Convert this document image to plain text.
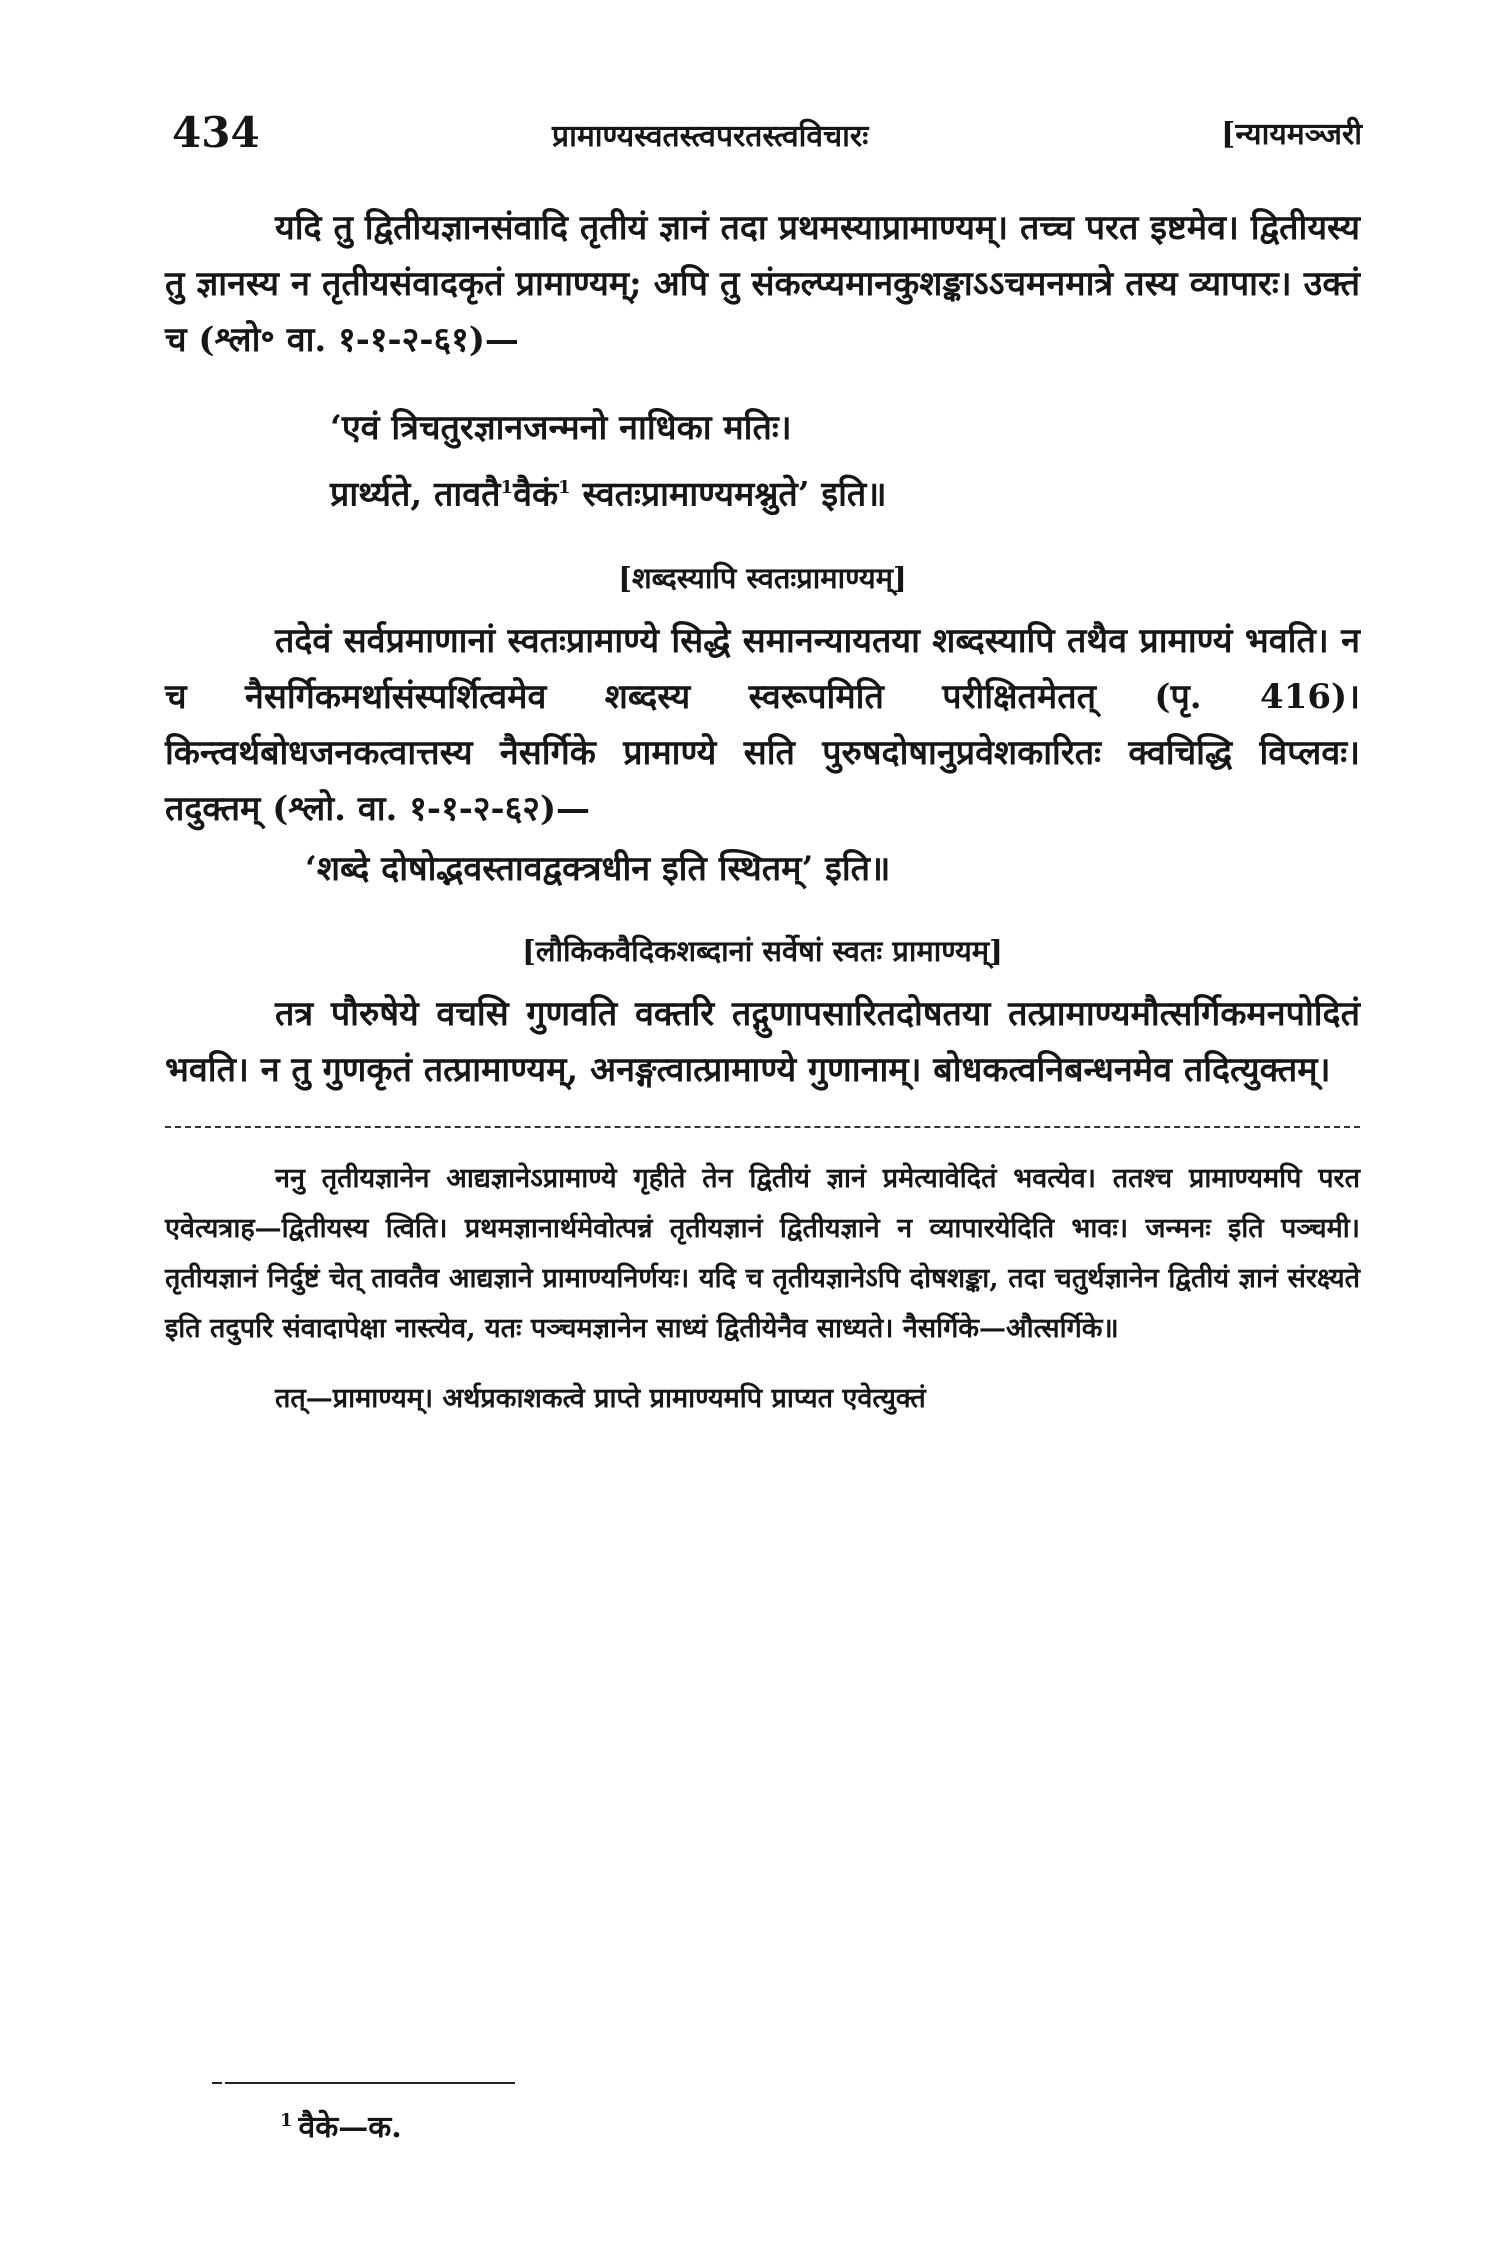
434	प्रामाण्यस्वतस्त्वपरतस्त्वविचारः	[न्यायमञ्जरी

यदि तु द्वितीयज्ञानसंवादि तृतीयं ज्ञानं तदा प्रथमस्याप्रामाण्यम्। तच्च परत इष्टमेव। द्वितीयस्य तु ज्ञानस्य न तृतीयसंवादकृतं प्रामाण्यम्; अपि तु संकल्प्यमानकुशङ्काऽऽचमनमात्रे तस्य व्यापारः। उक्तं च (श्लो॰ वा. १-१-२-६१)—

‘एवं त्रिचतुरज्ञानजन्मनो नाधिका मतिः।
प्रार्थ्यते, तावतै$^1$वैकं$^1$ स्वतःप्रामाण्यमश्नुते’ इति॥
[शब्दस्यापि स्वतःप्रामाण्यम्]

तदेवं सर्वप्रमाणानां स्वतःप्रामाण्ये सिद्धे समानन्यायतया शब्दस्यापि तथैव प्रामाण्यं भवति। न च नैसर्गिकमर्थासंस्पर्शित्वमेव शब्दस्य स्वरूपमिति परीक्षितमेतत् (पृ. 416)। किन्त्वर्थबोधजनकत्वात्तस्य नैसर्गिके प्रामाण्ये सति पुरुषदोषानुप्रवेशकारितः क्वचिद्धि विप्लवः। तदुक्तम् (श्लो. वा. १-१-२-६२)—

‘शब्दे दोषोद्भवस्तावद्वक्त्रधीन इति स्थितम्’ इति॥
[लौकिकवैदिकशब्दानां सर्वेषां स्वतः प्रामाण्यम्]

तत्र पौरुषेये वचसि गुणवति वक्तरि तद्गुणापसारितदोषतया तत्प्रामाण्यमौत्सर्गिकमनपोदितं भवति। न तु गुणकृतं तत्प्रामाण्यम्, अनङ्गत्वात्प्रामाण्ये गुणानाम्। बोधकत्वनिबन्धनमेव तदित्युक्तम्।

ननु तृतीयज्ञानेन आद्यज्ञानेऽप्रामाण्ये गृहीते तेन द्वितीयं ज्ञानं प्रमेत्यावेदितं भवत्येव। ततश्च प्रामाण्यमपि परत एवेत्यत्राह—द्वितीयस्य त्विति। प्रथमज्ञानार्थमेवोत्पन्नं तृतीयज्ञानं द्वितीयज्ञाने न व्यापारयेदिति भावः। जन्मनः इति पञ्चमी। तृतीयज्ञानं निर्दुष्टं चेत् तावतैव आद्यज्ञाने प्रामाण्यनिर्णयः। यदि च तृतीयज्ञानेऽपि दोषशङ्का, तदा चतुर्थज्ञानेन द्वितीयं ज्ञानं संरक्ष्यते इति तदुपरि संवादापेक्षा नास्त्येव, यतः पञ्चमज्ञानेन साध्यं द्वितीयेनैव साध्यते। नैसर्गिके—औत्सर्गिके॥

तत्—प्रामाण्यम्। अर्थप्रकाशकत्वे प्राप्ते प्रामाण्यमपि प्राप्यत एवेत्युक्तं

$^1$ वैके—क.
